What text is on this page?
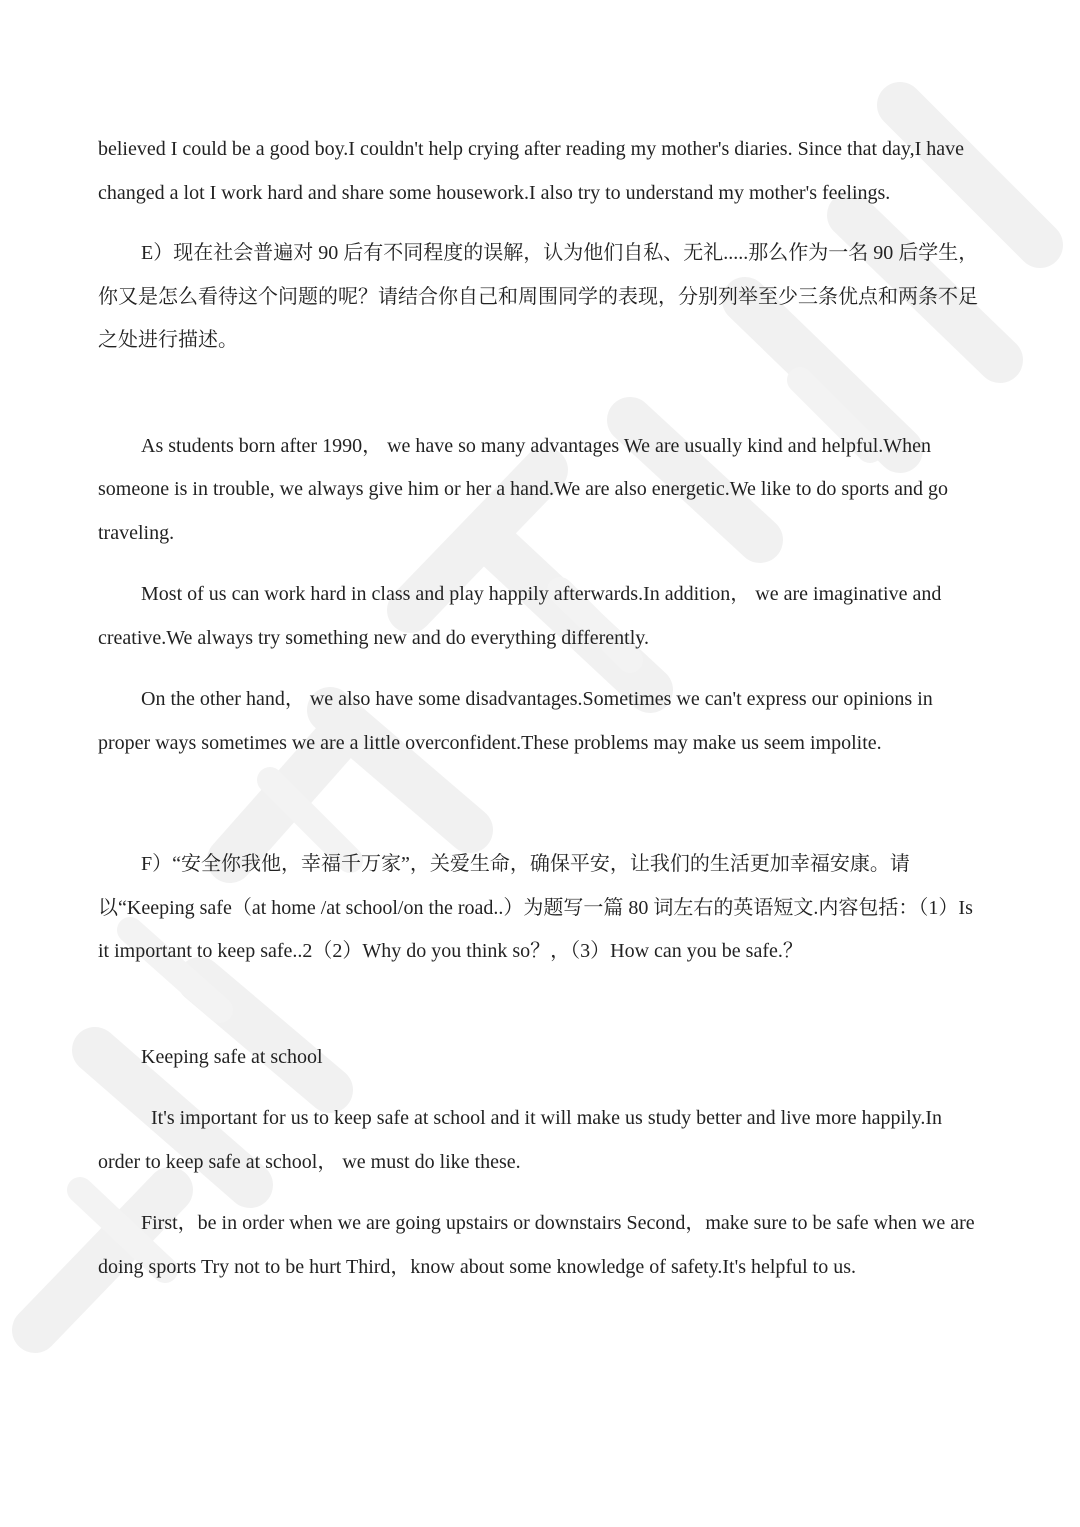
believed I could be a good boy.I couldn't help crying after reading my mother's diaries. Since that day,I have changed a lot I work hard and share some housework.I also try to understand my mother's feelings.

E）现在社会普遍对 90 后有不同程度的误解，认为他们自私、无礼.....那么作为一名 90 后学生，你又是怎么看待这个问题的呢？请结合你自己和周围同学的表现，分别列举至少三条优点和两条不足之处进行描述。

As students born after 1990， we have so many advantages We are usually kind and helpful.When someone is in trouble, we always give him or her a hand.We are also energetic.We like to do sports and go traveling.

Most of us can work hard in class and play happily afterwards.In addition， we are imaginative and creative.We always try something new and do everything differently.

On the other hand， we also have some disadvantages.Sometimes we can't express our opinions in proper ways sometimes we are a little overconfident.These problems may make us seem impolite.

F）“安全你我他，幸福千万家”，关爱生命，确保平安，让我们的生活更加幸福安康。请以“Keeping safe（at home /at school/on the road..）为题写一篇 80 词左右的英语短文.内容包括：（1）Is it important to keep safe..2（2）Why do you think so？，（3）How can you be safe.？

Keeping safe at school

It's important for us to keep safe at school and it will make us study better and live more happily.In order to keep safe at school， we must do like these.

First，be in order when we are going upstairs or downstairs Second，make sure to be safe when we are doing sports Try not to be hurt Third，know about some knowledge of safety.It's helpful to us.
